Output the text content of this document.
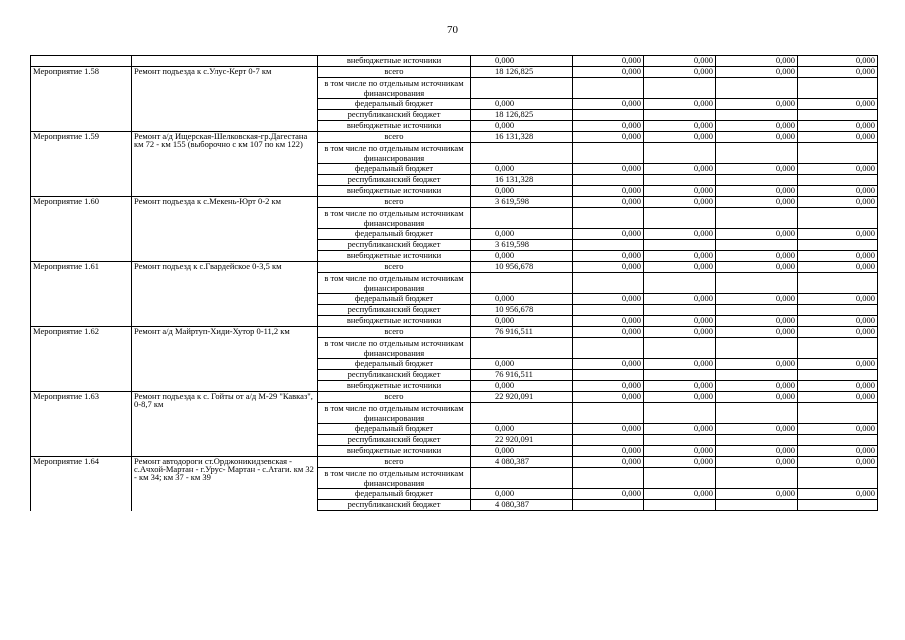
70
		внебюджетные источники	0,000	0,000	0,000	0,000	0,000
Мероприятие 1.58	Ремонт подъезда к с.Улус-Керт 0-7 км	всего	18 126,825	0,000	0,000	0,000	0,000
		в том числе по отдельным источникам финансирования					
		федеральный бюджет	0,000	0,000	0,000	0,000	0,000
		республиканский бюджет	18 126,825				
		внебюджетные источники	0,000	0,000	0,000	0,000	0,000
Мероприятие 1.59	Ремонт а/д Ищерская-Шелковская-гр.Дагестана км 72 - км 155 (выборочно с км 107 по км 122)	всего	16 131,328	0,000	0,000	0,000	0,000
		в том числе по отдельным источникам финансирования					
		федеральный бюджет	0,000	0,000	0,000	0,000	0,000
		республиканский бюджет	16 131,328				
		внебюджетные источники	0,000	0,000	0,000	0,000	0,000
Мероприятие 1.60	Ремонт подъезда к с.Мекень-Юрт 0-2 км	всего	3 619,598	0,000	0,000	0,000	0,000
		в том числе по отдельным источникам финансирования					
		федеральный бюджет	0,000	0,000	0,000	0,000	0,000
		республиканский бюджет	3 619,598				
		внебюджетные источники	0,000	0,000	0,000	0,000	0,000
Мероприятие 1.61	Ремонт подъезд к с.Гвардейское 0-3,5 км	всего	10 956,678	0,000	0,000	0,000	0,000
		в том числе по отдельным источникам финансирования					
		федеральный бюджет	0,000	0,000	0,000	0,000	0,000
		республиканский бюджет	10 956,678				
		внебюджетные источники	0,000	0,000	0,000	0,000	0,000
Мероприятие 1.62	Ремонт а/д Майртуп-Хиди-Хутор 0-11,2 км	всего	76 916,511	0,000	0,000	0,000	0,000
		в том числе по отдельным источникам финансирования					
		федеральный бюджет	0,000	0,000	0,000	0,000	0,000
		республиканский бюджет	76 916,511				
		внебюджетные источники	0,000	0,000	0,000	0,000	0,000
Мероприятие 1.63	Ремонт подъезда к с. Гойты от а/д М-29 "Кавказ", 0-8,7 км	всего	22 920,091	0,000	0,000	0,000	0,000
		в том числе по отдельным источникам финансирования					
		федеральный бюджет	0,000	0,000	0,000	0,000	0,000
		республиканский бюджет	22 920,091				
		внебюджетные источники	0,000	0,000	0,000	0,000	0,000
Мероприятие 1.64	Ремонт автодороги ст.Орджоникидзевская - с.Ачхой-Мартан - г.Урус- Мартан - с.Атаги. км 32 - км 34; км 37 - км 39	всего	4 080,387	0,000	0,000	0,000	0,000
		в том числе по отдельным источникам финансирования					
		федеральный бюджет	0,000	0,000	0,000	0,000	0,000
		республиканский бюджет	4 080,387				
